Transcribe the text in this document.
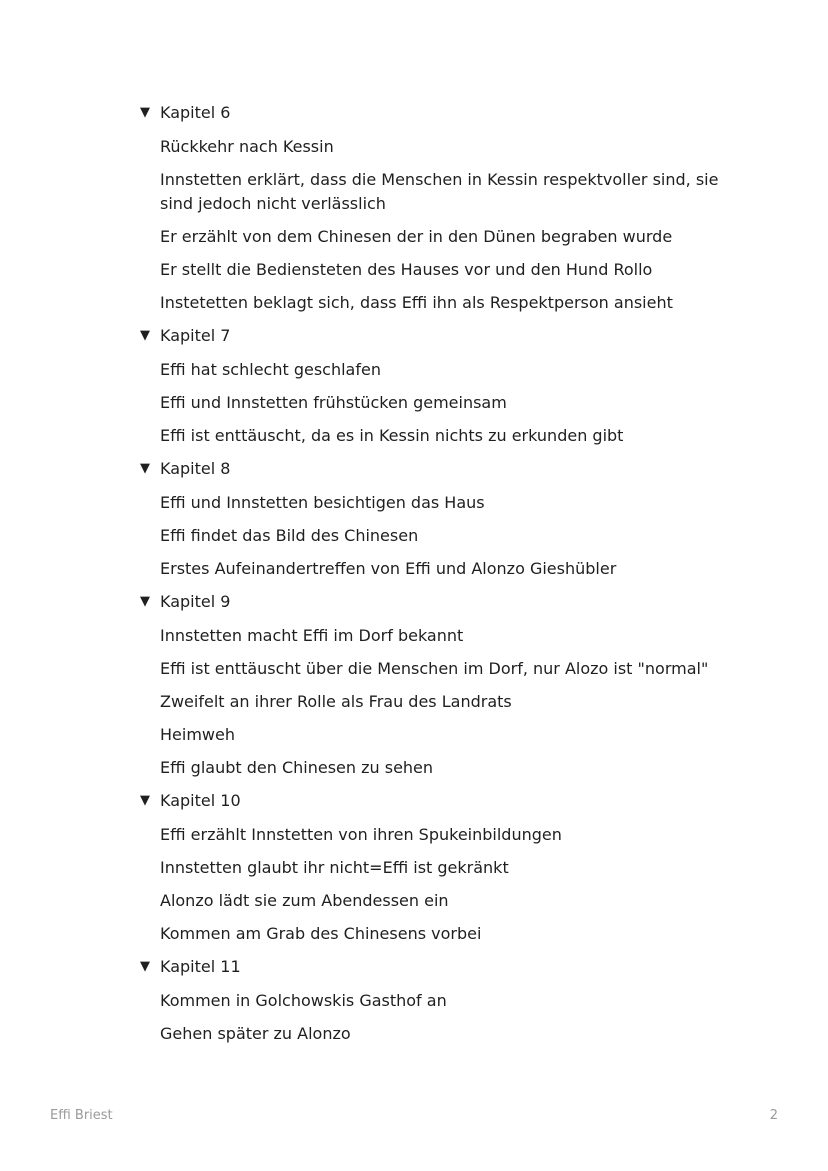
▼ Kapitel 6
Rückkehr nach Kessin
Innstetten erklärt, dass die Menschen in Kessin respektvoller sind, sie sind jedoch nicht verlässlich
Er erzählt von dem Chinesen der in den Dünen begraben wurde
Er stellt die Bediensteten des Hauses vor und den Hund Rollo
Instetetten beklagt sich, dass Effi ihn als Respektperson ansieht
▼ Kapitel 7
Effi hat schlecht geschlafen
Effi und Innstetten frühstücken gemeinsam
Effi ist enttäuscht, da es in Kessin nichts zu erkunden gibt
▼ Kapitel 8
Effi und Innstetten besichtigen das Haus
Effi findet das Bild des Chinesen
Erstes Aufeinandertreffen von Effi und Alonzo Gieshübler
▼ Kapitel 9
Innstetten macht Effi im Dorf bekannt
Effi ist enttäuscht über die Menschen im Dorf, nur Alozo ist "normal"
Zweifelt an ihrer Rolle als Frau des Landrats
Heimweh
Effi glaubt den Chinesen zu sehen
▼ Kapitel 10
Effi erzählt Innstetten von ihren Spukeinbildungen
Innstetten glaubt ihr nicht=Effi ist gekränkt
Alonzo lädt sie zum Abendessen ein
Kommen am Grab des Chinesens vorbei
▼ Kapitel 11
Kommen in Golchowskis Gasthof an
Gehen später zu Alonzo
Effi Briest	2
